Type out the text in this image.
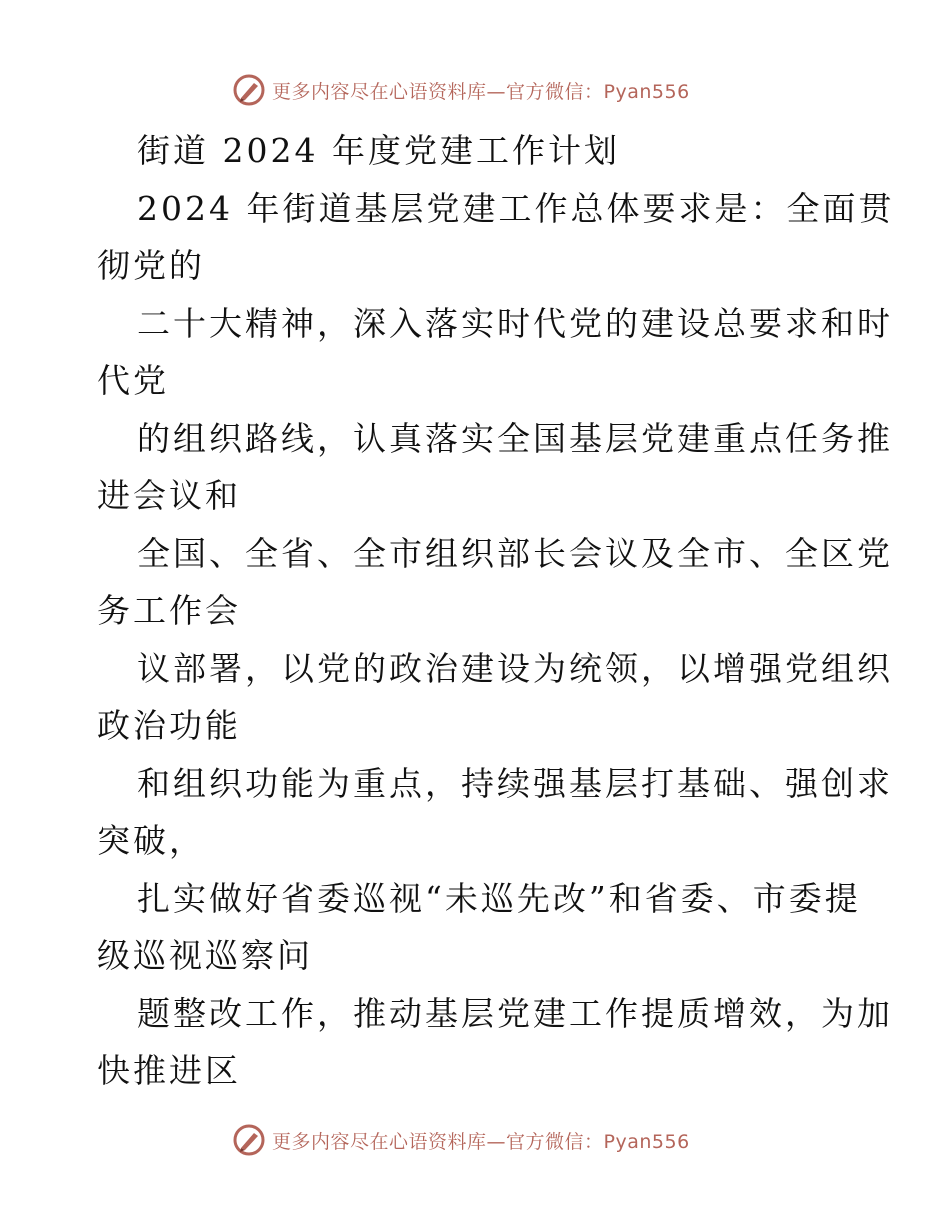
更多内容尽在心语资料库—官方微信：Pyan556
街道 2024 年度党建工作计划
2024 年街道基层党建工作总体要求是：全面贯
彻党的
二十大精神，深入落实时代党的建设总要求和时
代党
的组织路线，认真落实全国基层党建重点任务推
进会议和
全国、全省、全市组织部长会议及全市、全区党
务工作会
议部署，以党的政治建设为统领，以增强党组织
政治功能
和组织功能为重点，持续强基层打基础、强创求
突破，
扎实做好省委巡视“未巡先改”和省委、市委提
级巡视巡察问
题整改工作，推动基层党建工作提质增效，为加
快推进区
更多内容尽在心语资料库—官方微信：Pyan556
